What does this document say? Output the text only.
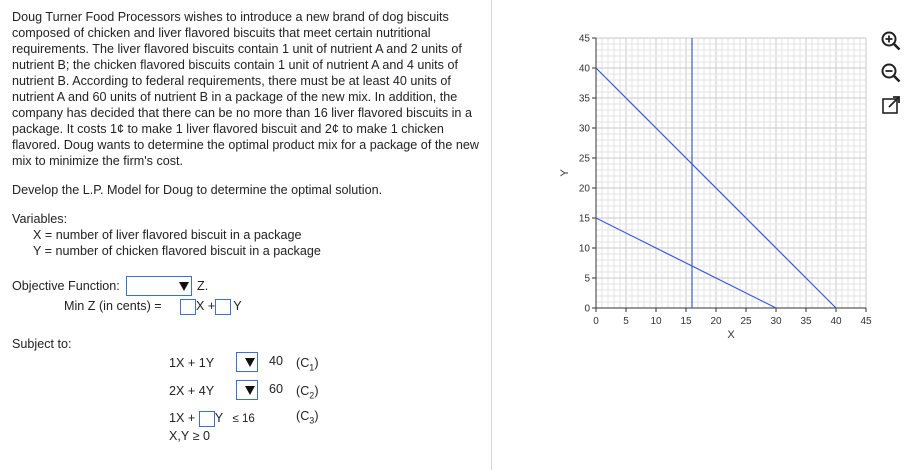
Doug Turner Food Processors wishes to introduce a new brand of dog biscuits composed of chicken and liver flavored biscuits that meet certain nutritional requirements. The liver flavored biscuits contain 1 unit of nutrient A and 2 units of nutrient B; the chicken flavored biscuits contain 1 unit of nutrient A and 4 units of nutrient B. According to federal requirements, there must be at least 40 units of nutrient A and 60 units of nutrient B in a package of the new mix. In addition, the company has decided that there can be no more than 16 liver flavored biscuits in a package. It costs 1¢ to make 1 liver flavored biscuit and 2¢ to make 1 chicken flavored. Doug wants to determine the optimal product mix for a package of the new mix to minimize the firm's cost.

Develop the L.P. Model for Doug to determine the optimal solution.
Variables:
X = number of liver flavored biscuit in a package
Y = number of chicken flavored biscuit in a package
Objective Function:	Z.
Min Z (in cents) =	X + Y
Subject to:
1X + 1Y	40 $(C_1)$
2X + 4Y	60 $(C_2)$
1X + Y ≤ 16	$(C_3)$
X,Y ≥ 0
0 5 10 15 20 25 30 35 40 45
0
5
10
15
20
25
30
35
40
45
X
Y
